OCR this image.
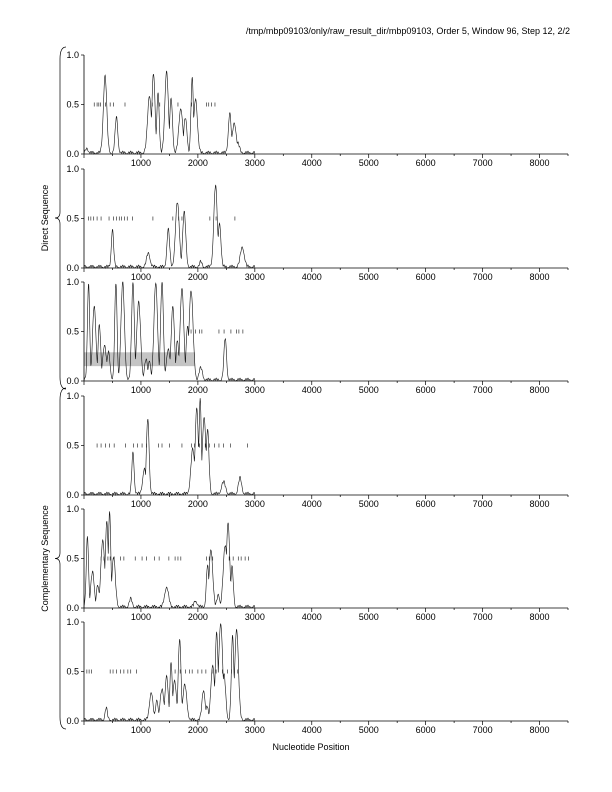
/tmp/mbp09103/only/raw_result_dir/mbp09103, Order 5, Window 96, Step 12, 2/2
0.0
0.5
1.0
1000	2000	3000	4000	5000	6000	7000	8000
0.0
0.5
1.0
1000	2000	3000	4000	5000	6000	7000	8000
0.0
0.5
1.0
1000	2000	3000	4000	5000	6000	7000	8000
0.0
0.5
1.0
1000	2000	3000	4000	5000	6000	7000	8000
0.0
0.5
1.0
1000	2000	3000	4000	5000	6000	7000	8000
0.0
0.5
1.0
1000	2000	3000	4000	5000	6000	7000	8000
Direct Sequence
Complementary Sequence
Nucleotide Position
